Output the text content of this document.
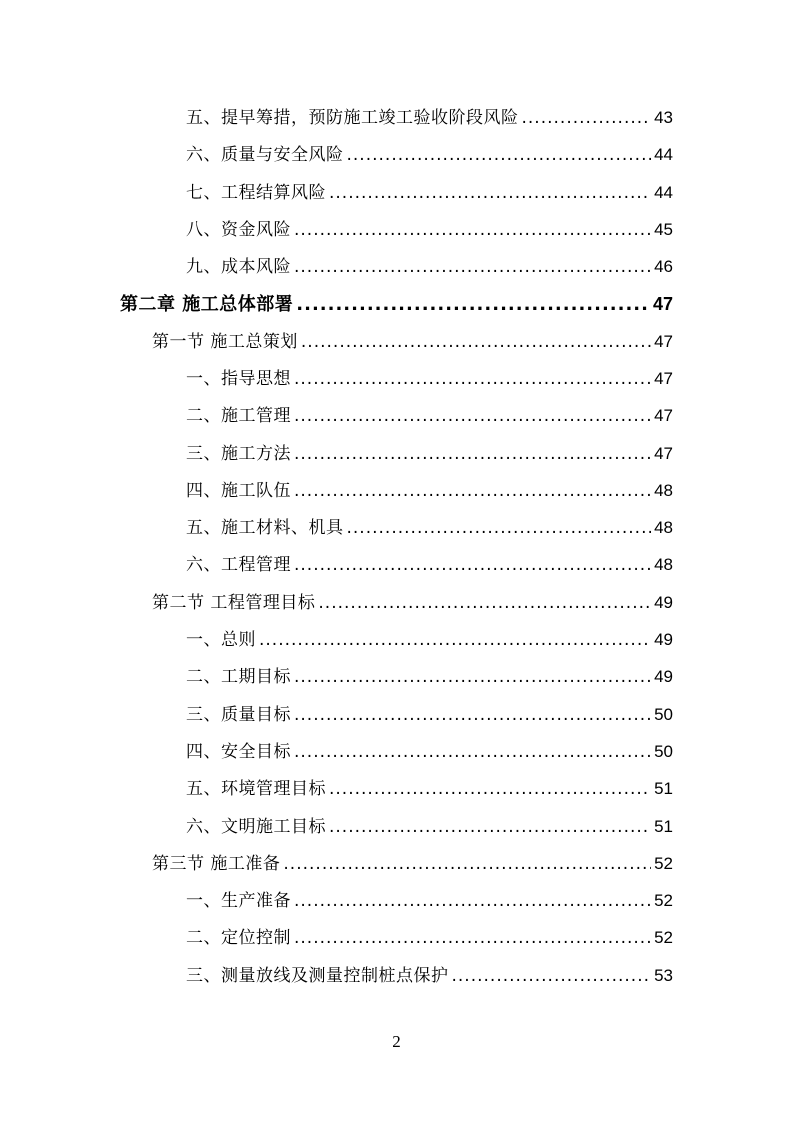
五、提早筹措，预防施工竣工验收阶段风险 .....	43
六、质量与安全风险 .....	44
七、工程结算风险 .....	44
八、资金风险 .....	45
九、成本风险 .....	46
第二章 施工总体部署 .....	47
第一节 施工总策划 .....	47
一、指导思想 .....	47
二、施工管理 .....	47
三、施工方法 .....	47
四、施工队伍 .....	48
五、施工材料、机具 .....	48
六、工程管理 .....	48
第二节 工程管理目标 .....	49
一、总则 .....	49
二、工期目标 .....	49
三、质量目标 .....	50
四、安全目标 .....	50
五、环境管理目标 .....	51
六、文明施工目标 .....	51
第三节 施工准备 .....	52
一、生产准备 .....	52
二、定位控制 .....	52
三、测量放线及测量控制桩点保护 .....	53
2
